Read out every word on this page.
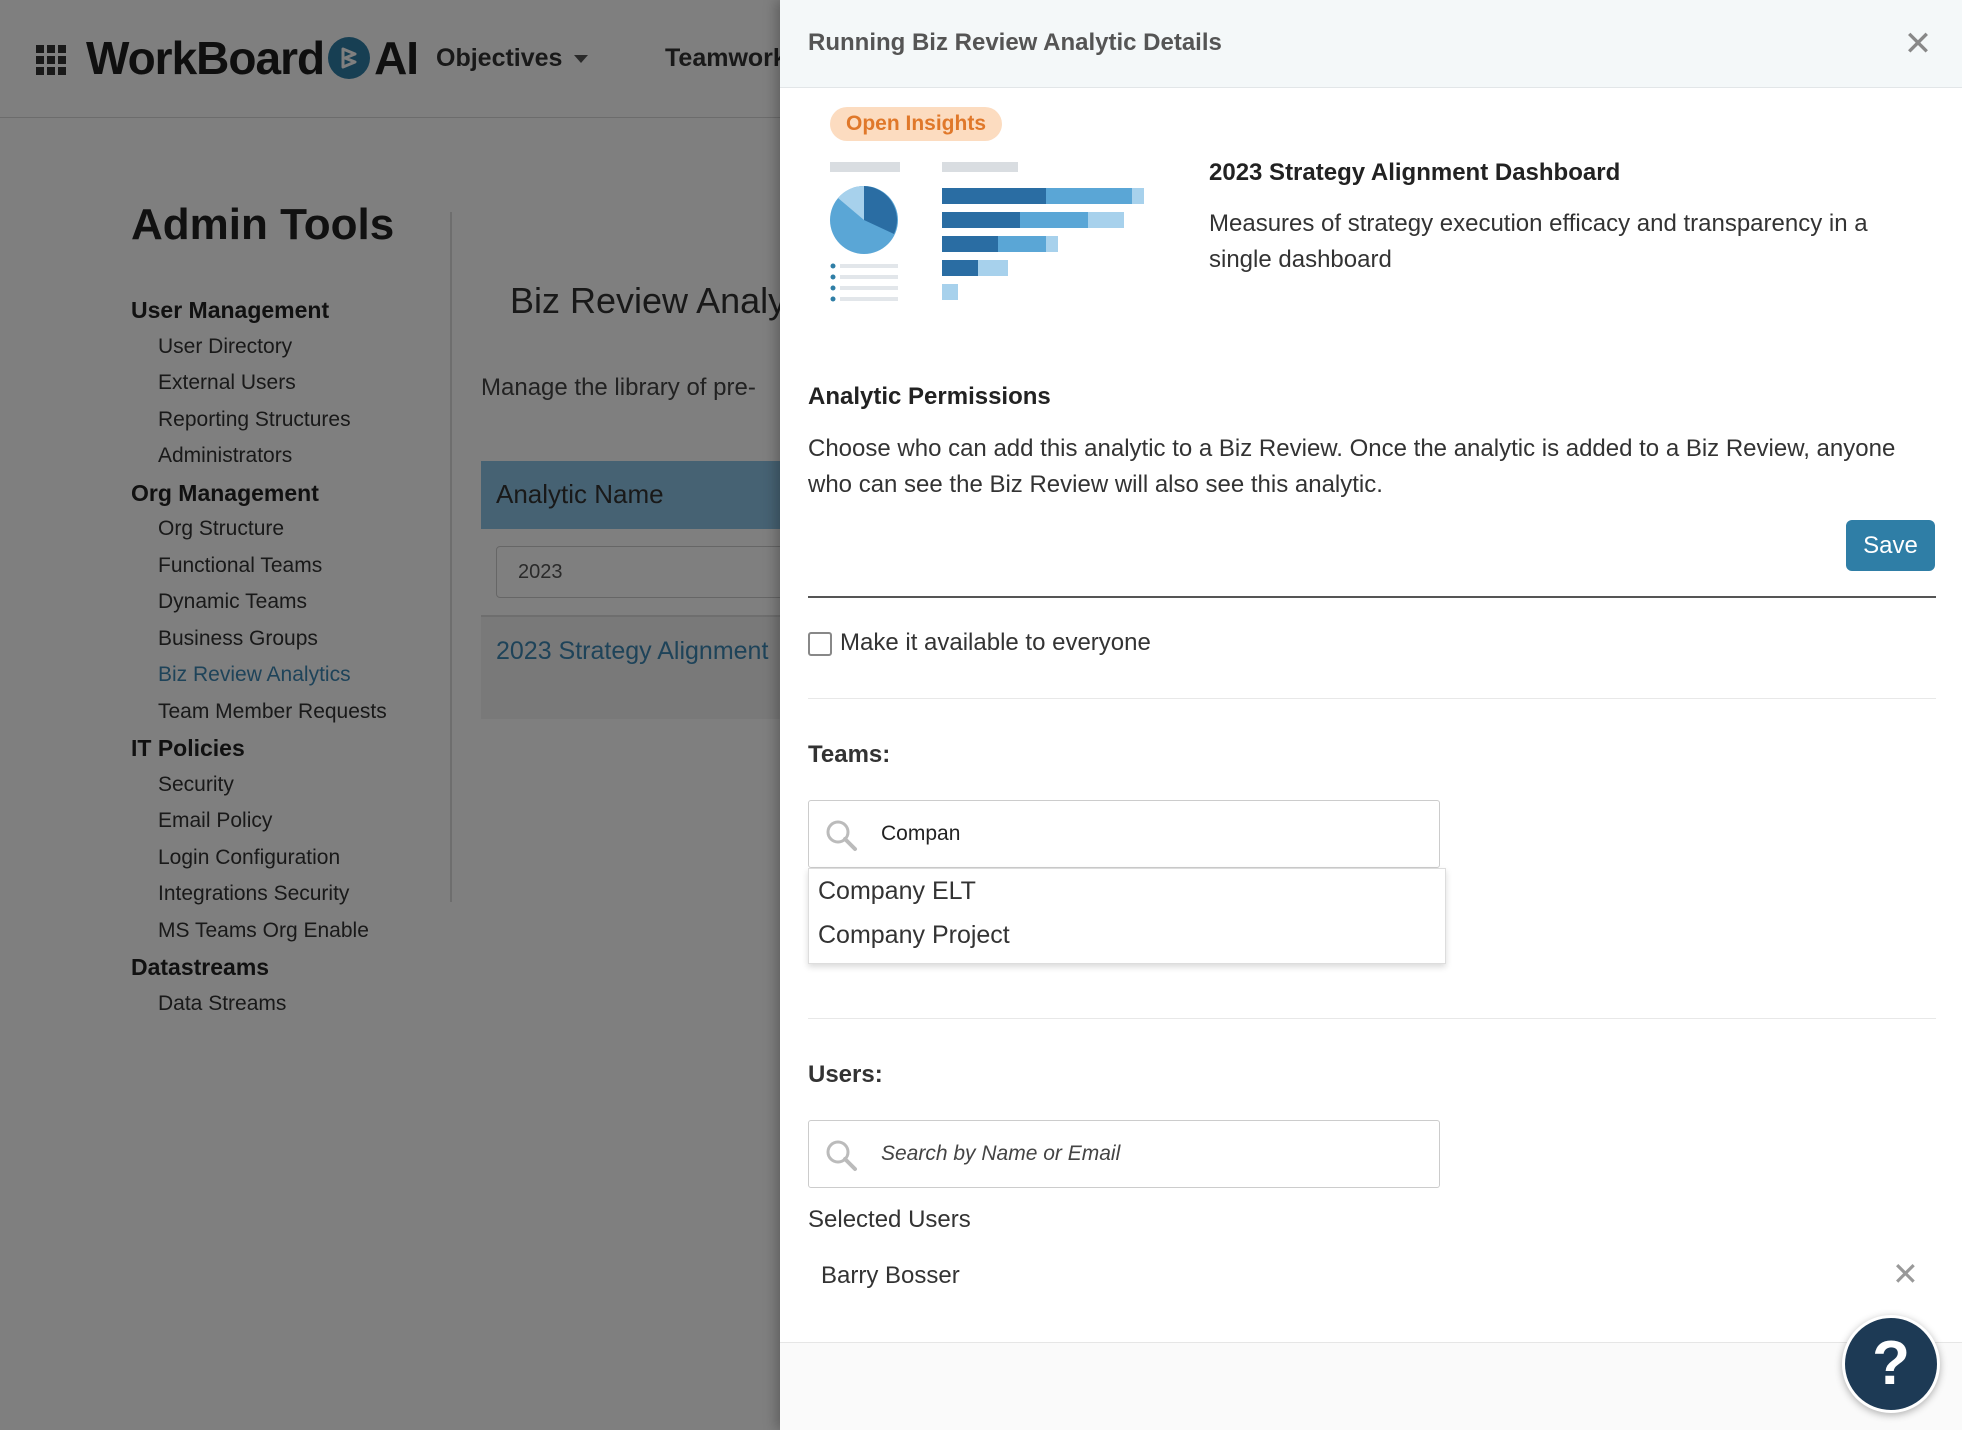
Running Biz Review Analytic Details	✕
Open Insights
2023 Strategy Alignment Dashboard
Measures of strategy execution efficacy and transparency in a single dashboard
Analytic Permissions
Choose who can add this analytic to a Biz Review. Once the analytic is added to a Biz Review, anyone who can see the Biz Review will also see this analytic.
Save
Make it available to everyone
Teams:
Compan
Company ELT
Company Project
Users:
Search by Name or Email
Selected Users
Barry Bosser	✕
?
